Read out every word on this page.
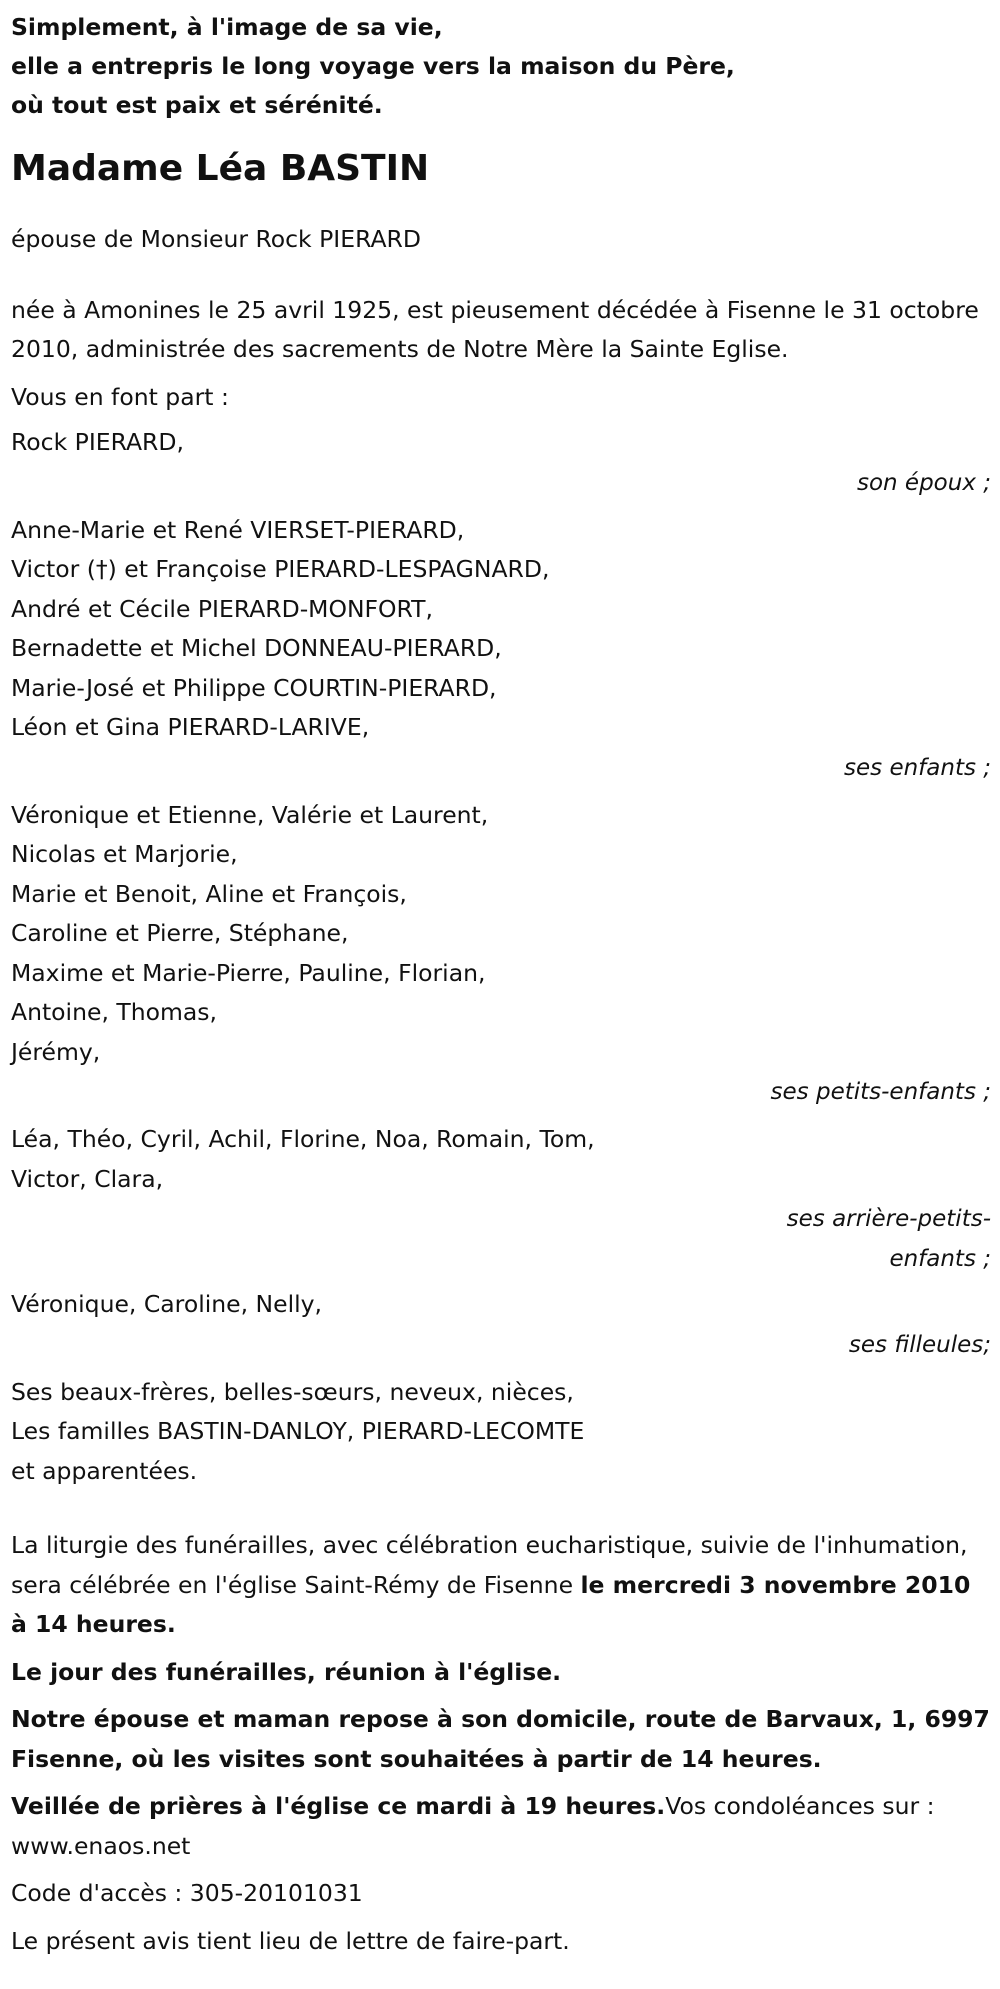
Simplement, à l'image de sa vie,

elle a entrepris le long voyage vers la maison du Père,

où tout est paix et sérénité.

Madame Léa BASTIN

épouse de Monsieur Rock PIERARD

née à Amonines le 25 avril 1925, est pieusement décédée à Fisenne le 31 octobre 2010, administrée des sacrements de Notre Mère la Sainte Eglise.

Vous en font part :

Rock PIERARD,

son époux ;

Anne-Marie et René VIERSET-PIERARD,

Victor (†) et Françoise PIERARD-LESPAGNARD,

André et Cécile PIERARD-MONFORT,

Bernadette et Michel DONNEAU-PIERARD,

Marie-José et Philippe COURTIN-PIERARD,

Léon et Gina PIERARD-LARIVE,

ses enfants ;

Véronique et Etienne, Valérie et Laurent,

Nicolas et Marjorie,

Marie et Benoit, Aline et François,

Caroline et Pierre, Stéphane,

Maxime et Marie-Pierre, Pauline, Florian,

Antoine, Thomas,

Jérémy,

ses petits-enfants ;

Léa, Théo, Cyril, Achil, Florine, Noa, Romain, Tom,

Victor, Clara,

ses arrière-petits-enfants ;

Véronique, Caroline, Nelly,

ses filleules;

Ses beaux-frères, belles-sœurs, neveux, nièces,

Les familles BASTIN-DANLOY, PIERARD-LECOMTE

et apparentées.

La liturgie des funérailles, avec célébration eucharistique, suivie de l'inhumation, sera célébrée en l'église Saint-Rémy de Fisenne le mercredi 3 novembre 2010 à 14 heures.

Le jour des funérailles, réunion à l'église.

Notre épouse et maman repose à son domicile, route de Barvaux, 1, 6997 Fisenne, où les visites sont souhaitées à partir de 14 heures.

Veillée de prières à l'église ce mardi à 19 heures.Vos condoléances sur : www.enaos.net

Code d'accès : 305-20101031

Le présent avis tient lieu de lettre de faire-part.
